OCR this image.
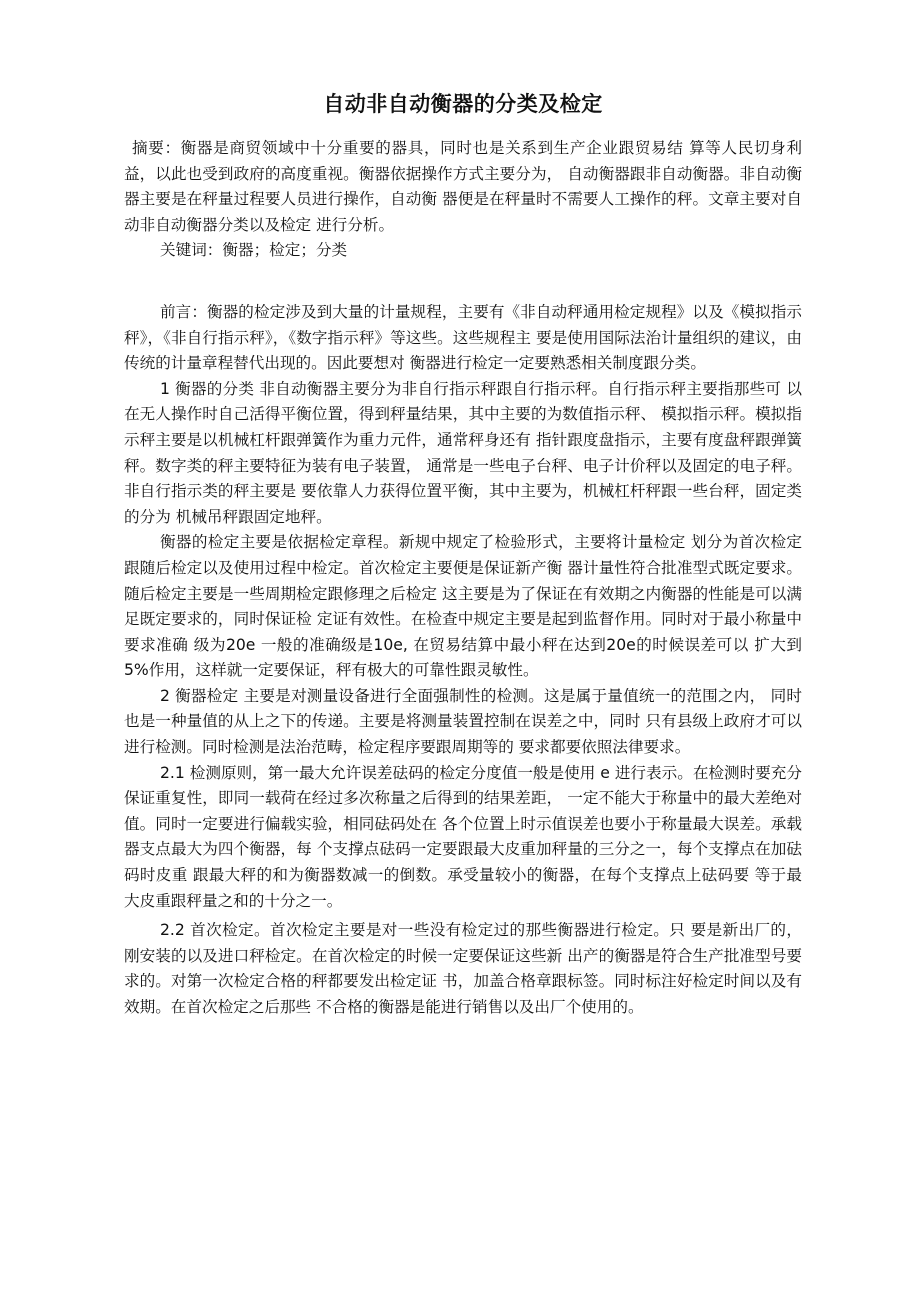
自动非自动衡器的分类及检定

摘要：衡器是商贸领域中十分重要的器具，同时也是关系到生产企业跟贸易结 算等人民切身利益，以此也受到政府的高度重视。衡器依据操作方式主要分为， 自动衡器跟非自动衡器。非自动衡器主要是在秤量过程要人员进行操作，自动衡 器便是在秤量时不需要人工操作的秤。文章主要对自动非自动衡器分类以及检定 进行分析。

关键词：衡器；检定；分类

前言：衡器的检定涉及到大量的计量规程，主要有《非自动秤通用检定规程》以及《模拟指示秤》，《非自行指示秤》，《数字指示秤》等这些。这些规程主 要是使用国际法治计量组织的建议，由传统的计量章程替代出现的。因此要想对 衡器进行检定一定要熟悉相关制度跟分类。

1 衡器的分类 非自动衡器主要分为非自行指示秤跟自行指示秤。自行指示秤主要指那些可 以在无人操作时自己活得平衡位置，得到秤量结果，其中主要的为数值指示秤、 模拟指示秤。模拟指示秤主要是以机械杠杆跟弹簧作为重力元件，通常秤身还有 指针跟度盘指示，主要有度盘秤跟弹簧秤。数字类的秤主要特征为装有电子装置， 通常是一些电子台秤、电子计价秤以及固定的电子秤。非自行指示类的秤主要是 要依靠人力获得位置平衡，其中主要为，机械杠杆秤跟一些台秤，固定类的分为 机械吊秤跟固定地秤。

衡器的检定主要是依据检定章程。新规中规定了检验形式，主要将计量检定 划分为首次检定跟随后检定以及使用过程中检定。首次检定主要便是保证新产衡 器计量性符合批准型式既定要求。随后检定主要是一些周期检定跟修理之后检定 这主要是为了保证在有效期之内衡器的性能是可以满足既定要求的，同时保证检 定证有效性。在检查中规定主要是起到监督作用。同时对于最小称量中要求准确 级为20e 一般的准确级是10e, 在贸易结算中最小秤在达到20e的时候误差可以 扩大到 5%作用，这样就一定要保证，秤有极大的可靠性跟灵敏性。

2 衡器检定 主要是对测量设备进行全面强制性的检测。这是属于量值统一的范围之内， 同时也是一种量值的从上之下的传递。主要是将测量装置控制在误差之中，同时 只有县级上政府才可以进行检测。同时检测是法治范畴，检定程序要跟周期等的 要求都要依照法律要求。

2.1 检测原则，第一最大允许误差砝码的检定分度值一般是使用 e 进行表示。在检测时要充分保证重复性，即同一载荷在经过多次称量之后得到的结果差距， 一定不能大于称量中的最大差绝对值。同时一定要进行偏载实验，相同砝码处在 各个位置上时示值误差也要小于称量最大误差。承载器支点最大为四个衡器，每 个支撑点砝码一定要跟最大皮重加秤量的三分之一，每个支撑点在加砝码时皮重 跟最大秤的和为衡器数减一的倒数。承受量较小的衡器，在每个支撑点上砝码要 等于最大皮重跟秤量之和的十分之一。

2.2 首次检定。首次检定主要是对一些没有检定过的那些衡器进行检定。只 要是新出厂的，刚安装的以及进口秤检定。在首次检定的时候一定要保证这些新 出产的衡器是符合生产批准型号要求的。对第一次检定合格的秤都要发出检定证 书，加盖合格章跟标签。同时标注好检定时间以及有效期。在首次检定之后那些 不合格的衡器是能进行销售以及出厂个使用的。
